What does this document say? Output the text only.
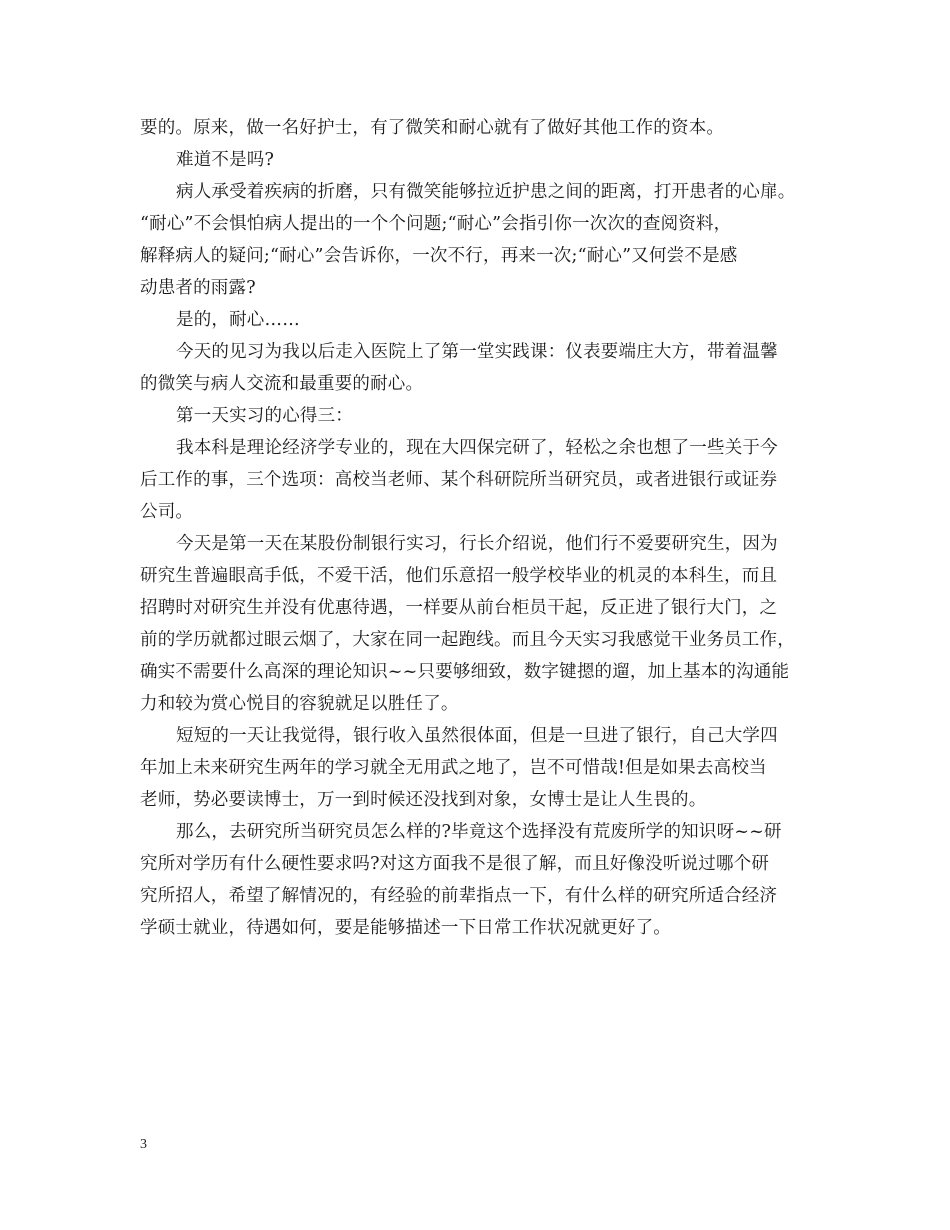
要的。原来，做一名好护士，有了微笑和耐心就有了做好其他工作的资本。
难道不是吗?
病人承受着疾病的折磨，只有微笑能够拉近护患之间的距离，打开患者的心扉。
“耐心”不会惧怕病人提出的一个个问题;“耐心”会指引你一次次的查阅资料，
解释病人的疑问;“耐心”会告诉你，一次不行，再来一次;“耐心”又何尝不是感
动患者的雨露?
是的，耐心……
今天的见习为我以后走入医院上了第一堂实践课：仪表要端庄大方，带着温馨
的微笑与病人交流和最重要的耐心。
第一天实习的心得三：
我本科是理论经济学专业的，现在大四保完研了，轻松之余也想了一些关于今
后工作的事，三个选项：高校当老师、某个科研院所当研究员，或者进银行或证券
公司。
今天是第一天在某股份制银行实习，行长介绍说，他们行不爱要研究生，因为
研究生普遍眼高手低，不爱干活，他们乐意招一般学校毕业的机灵的本科生，而且
招聘时对研究生并没有优惠待遇，一样要从前台柜员干起，反正进了银行大门，之
前的学历就都过眼云烟了，大家在同一起跑线。而且今天实习我感觉干业务员工作，
确实不需要什么高深的理论知识~~只要够细致，数字键摁的遛，加上基本的沟通能
力和较为赏心悦目的容貌就足以胜任了。
短短的一天让我觉得，银行收入虽然很体面，但是一旦进了银行，自己大学四
年加上未来研究生两年的学习就全无用武之地了，岂不可惜哉!但是如果去高校当
老师，势必要读博士，万一到时候还没找到对象，女博士是让人生畏的。
那么，去研究所当研究员怎么样的?毕竟这个选择没有荒废所学的知识呀~~研
究所对学历有什么硬性要求吗?对这方面我不是很了解，而且好像没听说过哪个研
究所招人，希望了解情况的，有经验的前辈指点一下，有什么样的研究所适合经济
学硕士就业，待遇如何，要是能够描述一下日常工作状况就更好了。
3
